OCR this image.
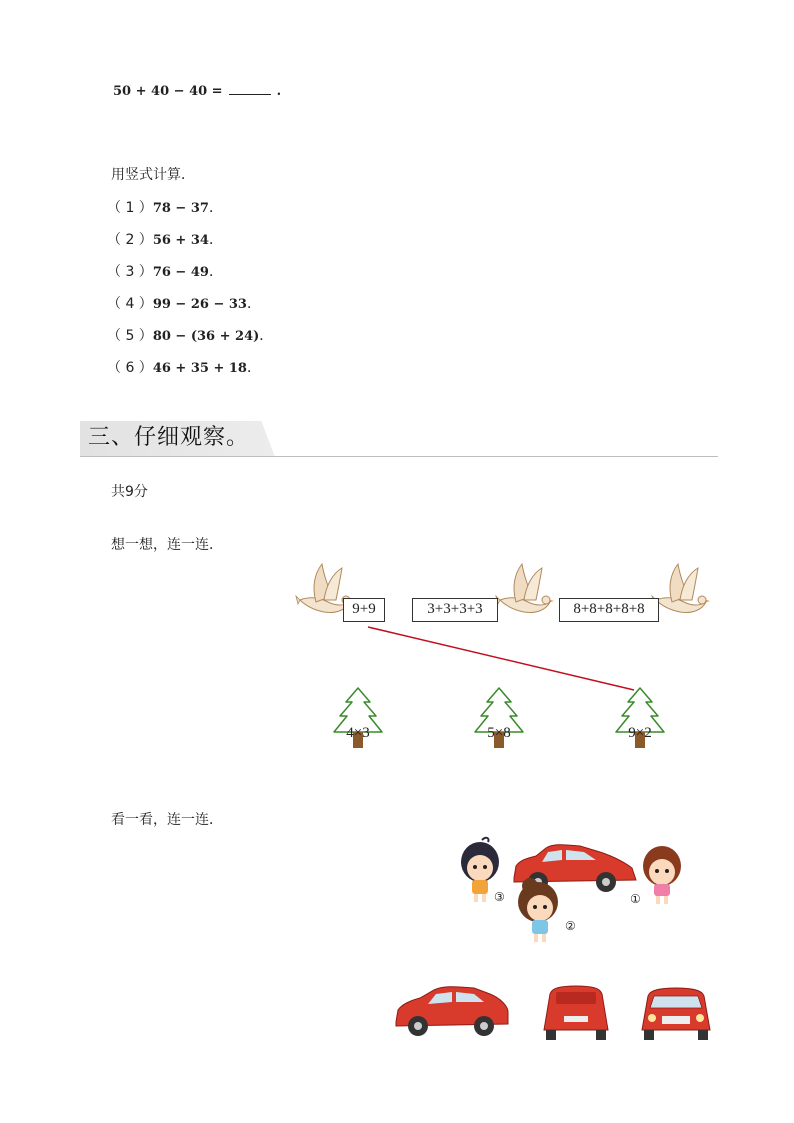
50 + 40 − 40 =	.
用竖式计算．
（ 1 ）78 − 37．
（ 2 ）56 + 34．
（ 3 ）76 − 49．
（ 4 ）99 − 26 − 33．
（ 5 ）80 − (36 + 24)．
（ 6 ）46 + 35 + 18．
三、仔细观察。
共9分
想一想，连一连．
9+9	3+3+3+3	8+8+8+8+8
4×3	5×8	9×2
看一看，连一连．
③	①
②
